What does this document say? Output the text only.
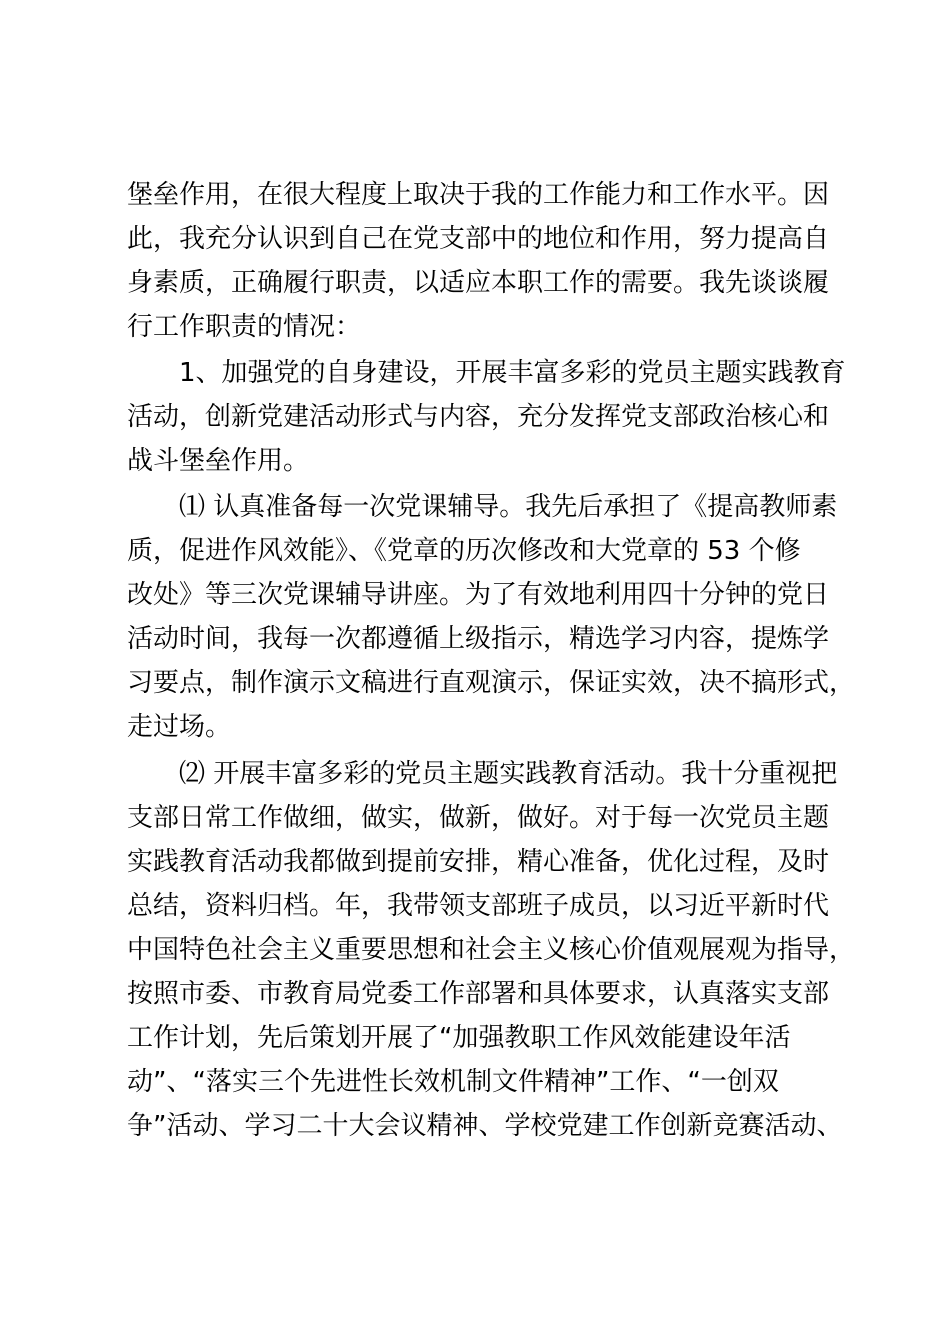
堡垒作用，在很大程度上取决于我的工作能力和工作水平。因
此，我充分认识到自己在党支部中的地位和作用，努力提高自
身素质，正确履行职责，以适应本职工作的需要。我先谈谈履
行工作职责的情况：
1、加强党的自身建设，开展丰富多彩的党员主题实践教育
活动，创新党建活动形式与内容，充分发挥党支部政治核心和
战斗堡垒作用。
⑴ 认真准备每一次党课辅导。我先后承担了《提高教师素
质，促进作风效能》、《党章的历次修改和大党章的 53 个修
改处》等三次党课辅导讲座。为了有效地利用四十分钟的党日
活动时间，我每一次都遵循上级指示，精选学习内容，提炼学
习要点，制作演示文稿进行直观演示，保证实效，决不搞形式，
走过场。
⑵ 开展丰富多彩的党员主题实践教育活动。我十分重视把
支部日常工作做细，做实，做新，做好。对于每一次党员主题
实践教育活动我都做到提前安排，精心准备，优化过程，及时
总结，资料归档。年，我带领支部班子成员，以习近平新时代
中国特色社会主义重要思想和社会主义核心价值观展观为指导，
按照市委、市教育局党委工作部署和具体要求，认真落实支部
工作计划，先后策划开展了“加强教职工作风效能建设年活
动”、“落实三个先进性长效机制文件精神”工作、“一创双
争”活动、学习二十大会议精神、学校党建工作创新竞赛活动、
